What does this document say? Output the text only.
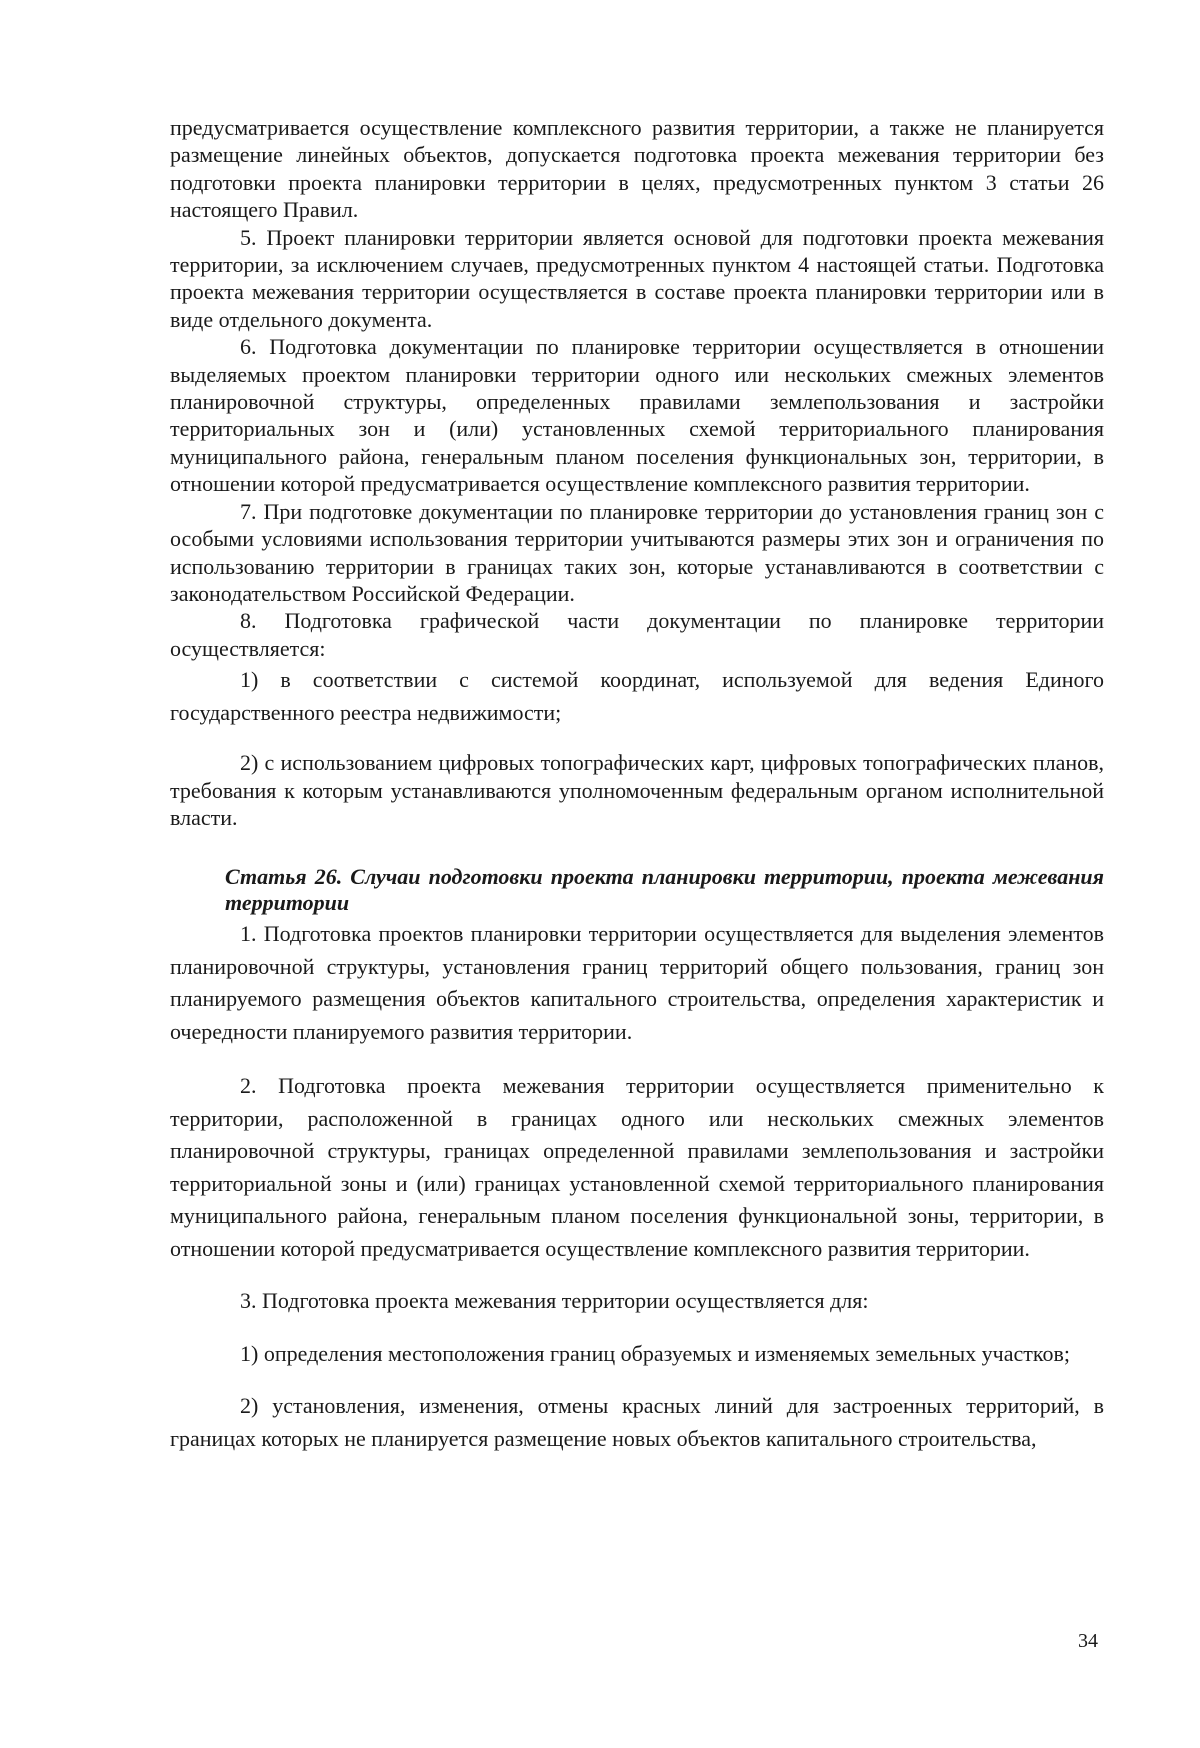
предусматривается осуществление комплексного развития территории, а также не планируется размещение линейных объектов, допускается подготовка проекта межевания территории без подготовки проекта планировки территории в целях, предусмотренных пунктом 3 статьи 26 настоящего Правил.

5. Проект планировки территории является основой для подготовки проекта межевания территории, за исключением случаев, предусмотренных пунктом 4 настоящей статьи. Подготовка проекта межевания территории осуществляется в составе проекта планировки территории или в виде отдельного документа.

6. Подготовка документации по планировке территории осуществляется в отношении выделяемых проектом планировки территории одного или нескольких смежных элементов планировочной структуры, определенных правилами землепользования и застройки территориальных зон и (или) установленных схемой территориального планирования муниципального района, генеральным планом поселения функциональных зон, территории, в отношении которой предусматривается осуществление комплексного развития территории.

7. При подготовке документации по планировке территории до установления границ зон с особыми условиями использования территории учитываются размеры этих зон и ограничения по использованию территории в границах таких зон, которые устанавливаются в соответствии с законодательством Российской Федерации.

8. Подготовка графической части документации по планировке территории осуществляется:

1) в соответствии с системой координат, используемой для ведения Единого государственного реестра недвижимости;

2) с использованием цифровых топографических карт, цифровых топографических планов, требования к которым устанавливаются уполномоченным федеральным органом исполнительной власти.

Статья 26. Случаи подготовки проекта планировки территории, проекта межевания территории

1. Подготовка проектов планировки территории осуществляется для выделения элементов планировочной структуры, установления границ территорий общего пользования, границ зон планируемого размещения объектов капитального строительства, определения характеристик и очередности планируемого развития территории.

2. Подготовка проекта межевания территории осуществляется применительно к территории, расположенной в границах одного или нескольких смежных элементов планировочной структуры, границах определенной правилами землепользования и застройки территориальной зоны и (или) границах установленной схемой территориального планирования муниципального района, генеральным планом поселения функциональной зоны, территории, в отношении которой предусматривается осуществление комплексного развития территории.

3. Подготовка проекта межевания территории осуществляется для:

1) определения местоположения границ образуемых и изменяемых земельных участков;

2) установления, изменения, отмены красных линий для застроенных территорий, в границах которых не планируется размещение новых объектов капитального строительства,

34
